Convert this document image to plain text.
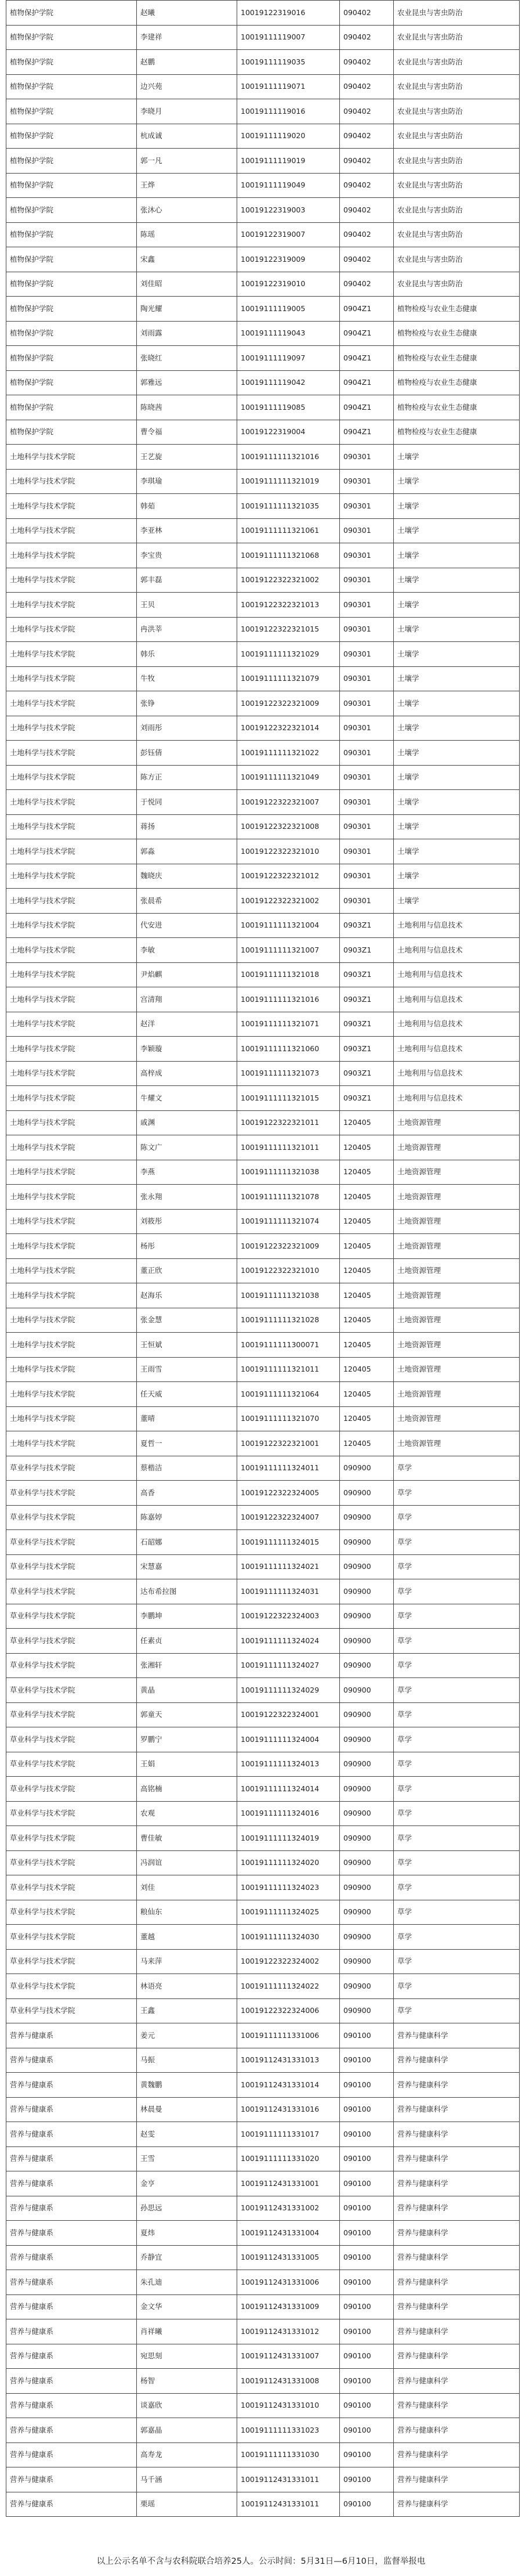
植物保护学院	赵曦	10019122319016	090402	农业昆虫与害虫防治
植物保护学院	李建祥	10019111119007	090402	农业昆虫与害虫防治
植物保护学院	赵鹏	10019111119035	090402	农业昆虫与害虫防治
植物保护学院	边兴苑	10019111119071	090402	农业昆虫与害虫防治
植物保护学院	李晓月	10019111119016	090402	农业昆虫与害虫防治
植物保护学院	杭成诚	10019111119020	090402	农业昆虫与害虫防治
植物保护学院	郭一凡	10019111119019	090402	农业昆虫与害虫防治
植物保护学院	王烨	10019111119049	090402	农业昆虫与害虫防治
植物保护学院	张沐心	10019122319003	090402	农业昆虫与害虫防治
植物保护学院	陈瑶	10019122319007	090402	农业昆虫与害虫防治
植物保护学院	宋鑫	10019122319009	090402	农业昆虫与害虫防治
植物保护学院	刘佳昭	10019122319010	090402	农业昆虫与害虫防治
植物保护学院	陶光耀	10019111119005	0904Z1	植物检疫与农业生态健康
植物保护学院	刘雨露	10019111119043	0904Z1	植物检疫与农业生态健康
植物保护学院	张晓红	10019111119097	0904Z1	植物检疫与农业生态健康
植物保护学院	郭雅远	10019111119042	0904Z1	植物检疫与农业生态健康
植物保护学院	陈晓茜	10019111119085	0904Z1	植物检疫与农业生态健康
植物保护学院	曹令福	10019122319004	0904Z1	植物检疫与农业生态健康
土地科学与技术学院	王艺旋	10019111111321016	090301	土壤学
土地科学与技术学院	李琪瑜	10019111111321019	090301	土壤学
土地科学与技术学院	韩茹	10019111111321035	090301	土壤学
土地科学与技术学院	李亚林	10019111111321061	090301	土壤学
土地科学与技术学院	李宝贵	10019111111321068	090301	土壤学
土地科学与技术学院	郭丰磊	10019122322321002	090301	土壤学
土地科学与技术学院	王贝	10019122322321013	090301	土壤学
土地科学与技术学院	冉洪莘	10019122322321015	090301	土壤学
土地科学与技术学院	韩乐	10019111111321029	090301	土壤学
土地科学与技术学院	牛牧	10019111111321079	090301	土壤学
土地科学与技术学院	张铮	10019122322321009	090301	土壤学
土地科学与技术学院	刘雨彤	10019122322321014	090301	土壤学
土地科学与技术学院	彭钰倩	10019111111321022	090301	土壤学
土地科学与技术学院	陈方正	10019111111321049	090301	土壤学
土地科学与技术学院	于悦同	10019122322321007	090301	土壤学
土地科学与技术学院	蒋扬	10019122322321008	090301	土壤学
土地科学与技术学院	郭淼	10019122322321010	090301	土壤学
土地科学与技术学院	魏晓庆	10019122322321012	090301	土壤学
土地科学与技术学院	张晨希	10019122322321002	090301	土壤学
土地科学与技术学院	代安进	10019111111321004	0903Z1	土地利用与信息技术
土地科学与技术学院	李敏	10019111111321007	0903Z1	土地利用与信息技术
土地科学与技术学院	尹焰麒	10019111111321018	0903Z1	土地利用与信息技术
土地科学与技术学院	宫清翔	10019111111321016	0903Z1	土地利用与信息技术
土地科学与技术学院	赵洋	10019111111321071	0903Z1	土地利用与信息技术
土地科学与技术学院	李颖璇	10019111111321060	0903Z1	土地利用与信息技术
土地科学与技术学院	高梓成	10019111111321073	0903Z1	土地利用与信息技术
土地科学与技术学院	牛耀文	10019111111321015	0903Z1	土地利用与信息技术
土地科学与技术学院	戚渊	10019122322321011	120405	土地资源管理
土地科学与技术学院	陈文广	10019111111321011	120405	土地资源管理
土地科学与技术学院	李燕	10019111111321038	120405	土地资源管理
土地科学与技术学院	张永翔	10019111111321078	120405	土地资源管理
土地科学与技术学院	刘筱彤	10019111111321074	120405	土地资源管理
土地科学与技术学院	杨彤	10019122322321009	120405	土地资源管理
土地科学与技术学院	董正欣	10019122322321010	120405	土地资源管理
土地科学与技术学院	赵海乐	10019111111321038	120405	土地资源管理
土地科学与技术学院	张金慧	10019111111321028	120405	土地资源管理
土地科学与技术学院	王恒斌	10019111111300071	120405	土地资源管理
土地科学与技术学院	王雨雪	10019111111321011	120405	土地资源管理
土地科学与技术学院	任天威	10019111111321064	120405	土地资源管理
土地科学与技术学院	董晴	10019111111321070	120405	土地资源管理
土地科学与技术学院	夏哲一	10019122322321001	120405	土地资源管理
草业科学与技术学院	蔡楷洁	10019111111324011	090900	草学
草业科学与技术学院	高香	10019122322324005	090900	草学
草业科学与技术学院	陈嘉婷	10019122322324007	090900	草学
草业科学与技术学院	石韶娜	10019111111324015	090900	草学
草业科学与技术学院	宋慧嘉	10019111111324021	090900	草学
草业科学与技术学院	达布希拉图	10019111111324031	090900	草学
草业科学与技术学院	李鹏坤	10019122322324003	090900	草学
草业科学与技术学院	任素贞	10019111111324024	090900	草学
草业科学与技术学院	张湘轩	10019111111324027	090900	草学
草业科学与技术学院	黄晶	10019111111324029	090900	草学
草业科学与技术学院	郭童天	10019122322324001	090900	草学
草业科学与技术学院	罗鹏宁	10019111111324004	090900	草学
草业科学与技术学院	王娟	10019111111324013	090900	草学
草业科学与技术学院	高铭楠	10019111111324014	090900	草学
草业科学与技术学院	农观	10019111111324016	090900	草学
草业科学与技术学院	曹佳敏	10019111111324019	090900	草学
草业科学与技术学院	冯润谊	10019111111324020	090900	草学
草业科学与技术学院	刘佳	10019111111324023	090900	草学
草业科学与技术学院	粮仙东	10019111111324025	090900	草学
草业科学与技术学院	董越	10019111111324030	090900	草学
草业科学与技术学院	马来萍	10019122322324002	090900	草学
草业科学与技术学院	林语亮	10019111111324022	090900	草学
草业科学与技术学院	王鑫	10019122322324006	090900	草学
营养与健康系	姜元	10019111111331006	090100	营养与健康科学
营养与健康系	马振	10019112431331013	090100	营养与健康科学
营养与健康系	黄魏鹏	10019112431331014	090100	营养与健康科学
营养与健康系	林晨曼	10019112431331016	090100	营养与健康科学
营养与健康系	赵雯	10019111111331017	090100	营养与健康科学
营养与健康系	王雪	10019111111331020	090100	营养与健康科学
营养与健康系	金亨	10019112431331001	090100	营养与健康科学
营养与健康系	孙思远	10019112431331002	090100	营养与健康科学
营养与健康系	夏炜	10019112431331004	090100	营养与健康科学
营养与健康系	乔静宜	10019112431331005	090100	营养与健康科学
营养与健康系	朱孔迪	10019112431331006	090100	营养与健康科学
营养与健康系	金文华	10019112431331009	090100	营养与健康科学
营养与健康系	肖祥曦	10019112431331012	090100	营养与健康科学
营养与健康系	宛思刻	10019112431331007	090100	营养与健康科学
营养与健康系	杨智	10019112431331008	090100	营养与健康科学
营养与健康系	谈嘉欣	10019112431331010	090100	营养与健康科学
营养与健康系	郭嘉晶	10019111111331023	090100	营养与健康科学
营养与健康系	高寿龙	10019111111331030	090100	营养与健康科学
营养与健康系	马千涵	10019112431331011	090100	营养与健康科学
营养与健康系	栗瑶	10019112431331011	090100	营养与健康科学
以上公示名单不含与农科院联合培养25人。公示时间：5月31日—6月10日，监督举报电
